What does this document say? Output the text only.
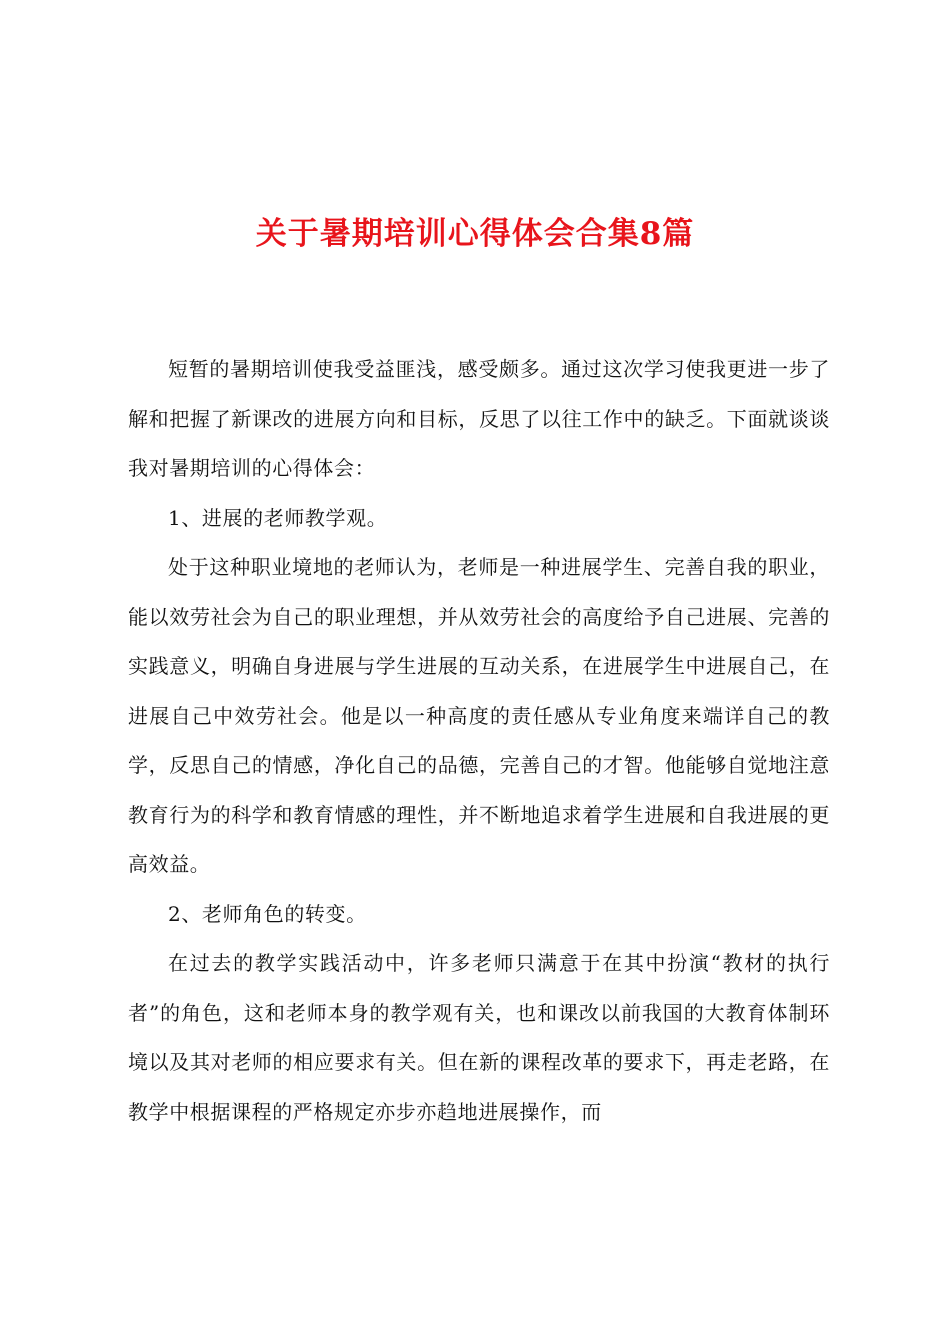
关于暑期培训心得体会合集8篇

短暂的暑期培训使我受益匪浅，感受颇多。通过这次学习使我更进一步了解和把握了新课改的进展方向和目标，反思了以往工作中的缺乏。下面就谈谈我对暑期培训的心得体会：

1、进展的老师教学观。

处于这种职业境地的老师认为，老师是一种进展学生、完善自我的职业，能以效劳社会为自己的职业理想，并从效劳社会的高度给予自己进展、完善的实践意义，明确自身进展与学生进展的互动关系，在进展学生中进展自己，在进展自己中效劳社会。他是以一种高度的责任感从专业角度来端详自己的教学，反思自己的情感，净化自己的品德，完善自己的才智。他能够自觉地注意教育行为的科学和教育情感的理性，并不断地追求着学生进展和自我进展的更高效益。

2、老师角色的转变。

在过去的教学实践活动中，许多老师只满意于在其中扮演“教材的执行者”的角色，这和老师本身的教学观有关，也和课改以前我国的大教育体制环境以及其对老师的相应要求有关。但在新的课程改革的要求下，再走老路，在教学中根据课程的严格规定亦步亦趋地进展操作，而
